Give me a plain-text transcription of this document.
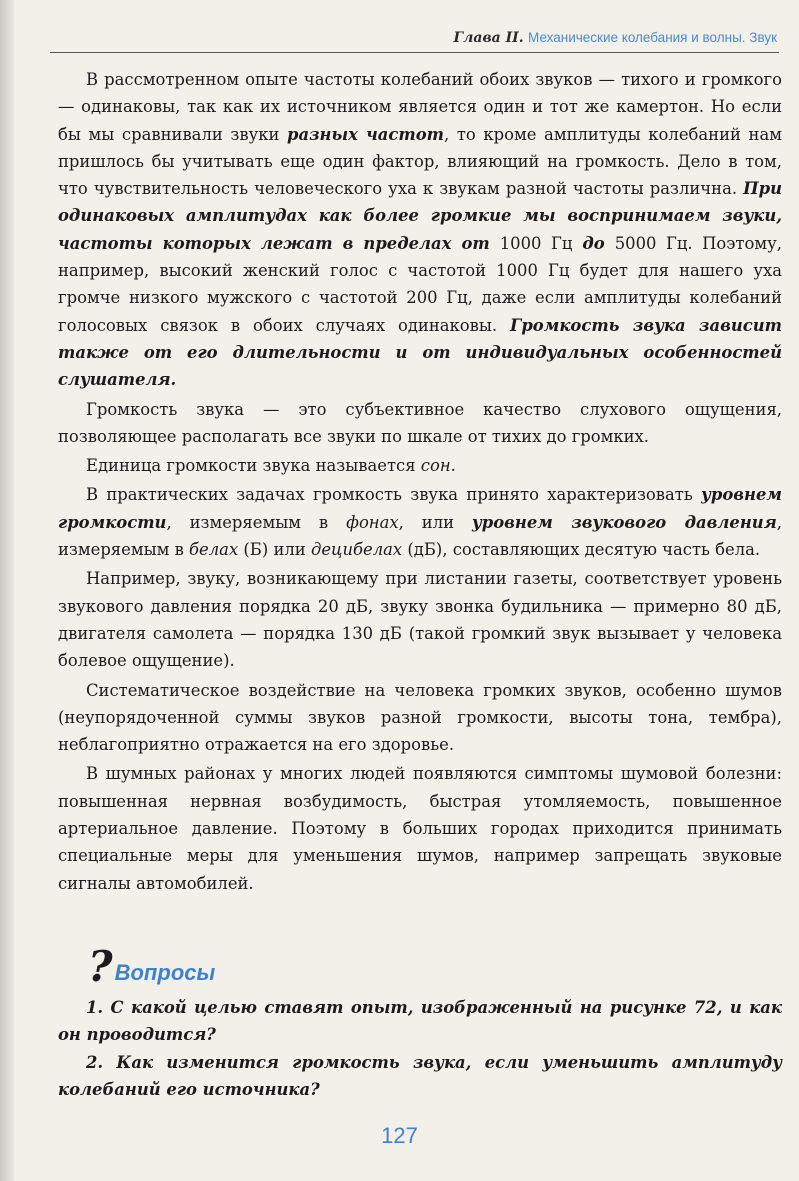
Глава II. Механические колебания и волны. Звук

В рассмотренном опыте частоты колебаний обоих звуков — тихого и громкого — одинаковы, так как их источником является один и тот же камертон. Но если бы мы сравнивали звуки разных частот, то кроме амплитуды колебаний нам пришлось бы учитывать еще один фактор, влияющий на громкость. Дело в том, что чувствительность человеческого уха к звукам разной частоты различна. При одинаковых амплитудах как более громкие мы воспринимаем звуки, частоты которых лежат в пределах от 1000 Гц до 5000 Гц. Поэтому, например, высокий женский голос с частотой 1000 Гц будет для нашего уха громче низкого мужского с частотой 200 Гц, даже если амплитуды колебаний голосовых связок в обоих случаях одинаковы. Громкость звука зависит также от его длительности и от индивидуальных особенностей слушателя.

Громкость звука — это субъективное качество слухового ощущения, позволяющее располагать все звуки по шкале от тихих до громких.

Единица громкости звука называется сон.

В практических задачах громкость звука принято характеризовать уровнем громкости, измеряемым в фонах, или уровнем звукового давления, измеряемым в белах (Б) или децибелах (дБ), составляющих десятую часть бела.

Например, звуку, возникающему при листании газеты, соответствует уровень звукового давления порядка 20 дБ, звуку звонка будильника — примерно 80 дБ, двигателя самолета — порядка 130 дБ (такой громкий звук вызывает у человека болевое ощущение).

Систематическое воздействие на человека громких звуков, особенно шумов (неупорядоченной суммы звуков разной громкости, высоты тона, тембра), неблагоприятно отражается на его здоровье.

В шумных районах у многих людей появляются симптомы шумовой болезни: повышенная нервная возбудимость, быстрая утомляемость, повышенное артериальное давление. Поэтому в больших городах приходится принимать специальные меры для уменьшения шумов, например запрещать звуковые сигналы автомобилей.

? Вопросы

1. С какой целью ставят опыт, изображенный на рисунке 72, и как он проводится?

2. Как изменится громкость звука, если уменьшить амплитуду колебаний его источника?

127
